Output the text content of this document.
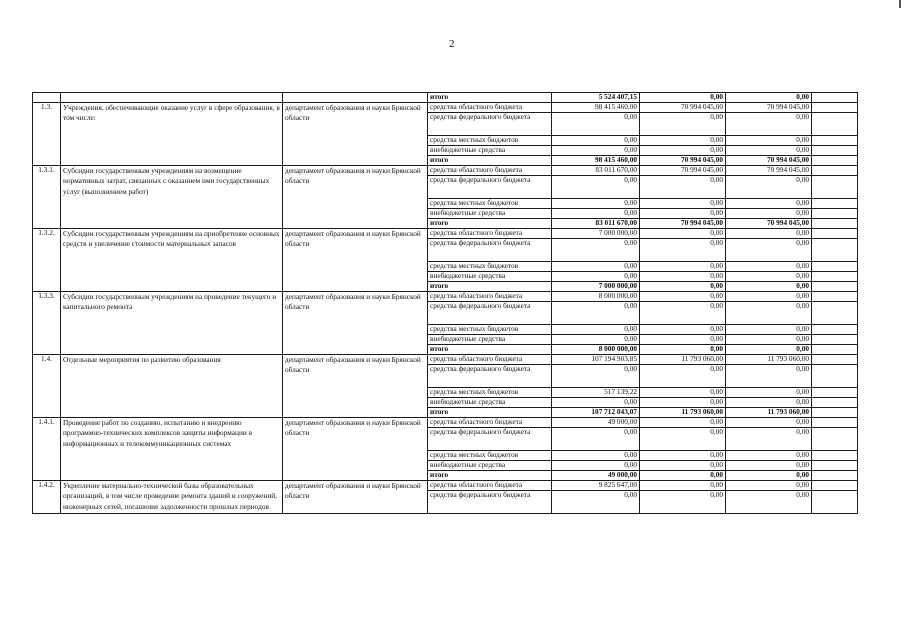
2
			итого	5 524 407,15	0,00	0,00	
1.3.	Учреждения, обеспечивающие оказание услуг в сфере образования, в том числе:	департамент образования и науки Брянской области	средства областного бюджета	98 415 460,00	70 994 045,00	70 994 045,00	
			средства федерального бюджета	0,00	0,00	0,00	
			средства местных бюджетов	0,00	0,00	0,00	
			внебюджетные средства	0,00	0,00	0,00	
			итого	98 415 460,00	70 994 045,00	70 994 045,00	
1.3.1.	Субсидии государственным учреждениям на возмещение нормативных затрат, связанных с оказанием ими государственных услуг (выполнением работ)	департамент образования и науки Брянской области	средства областного бюджета	83 011 670,00	70 994 045,00	70 994 045,00	
			средства федерального бюджета	0,00	0,00	0,00	
			средства местных бюджетов	0,00	0,00	0,00	
			внебюджетные средства	0,00	0,00	0,00	
			итого	83 011 670,00	70 994 045,00	70 994 045,00	
1.3.2.	Субсидии государственным учреждениям на приобретение основных средств и увеличение стоимости материальных запасов	департамент образования и науки Брянской области	средства областного бюджета	7 000 000,00	0,00	0,00	
			средства федерального бюджета	0,00	0,00	0,00	
			средства местных бюджетов	0,00	0,00	0,00	
			внебюджетные средства	0,00	0,00	0,00	
			итого	7 000 000,00	0,00	0,00	
1.3.3.	Субсидии государственным учреждениям на проведение текущего и капитального ремонта	департамент образования и науки Брянской области	средства областного бюджета	8 000 000,00	0,00	0,00	
			средства федерального бюджета	0,00	0,00	0,00	
			средства местных бюджетов	0,00	0,00	0,00	
			внебюджетные средства	0,00	0,00	0,00	
			итого	8 000 000,00	0,00	0,00	
1.4.	Отдельные мероприятия по развитию образования	департамент образования и науки Брянской области	средства областного бюджета	107 194 903,85	11 793 060,00	11 793 060,00	
			средства федерального бюджета	0,00	0,00	0,00	
			средства местных бюджетов	517 139,22	0,00	0,00	
			внебюджетные средства	0,00	0,00	0,00	
			итого	107 712 043,07	11 793 060,00	11 793 060,00	
1.4.1.	Проведение работ по созданию, испытанию и внедрению программно-технических комплексов защиты информации в информационных и телекоммуникационных системах	департамент образования и науки Брянской области	средства областного бюджета	49 000,00	0,00	0,00	
			средства федерального бюджета	0,00	0,00	0,00	
			средства местных бюджетов	0,00	0,00	0,00	
			внебюджетные средства	0,00	0,00	0,00	
			итого	49 000,00	0,00	0,00	
1.4.2.	Укрепление материально-технической базы образовательных организаций, в том числе проведение ремонта зданий и сооружений, инженерных сетей, погашение задолженности прошлых периодов	департамент образования и науки Брянской области	средства областного бюджета	9 825 647,00	0,00	0,00	
			средства федерального бюджета	0,00	0,00	0,00	
